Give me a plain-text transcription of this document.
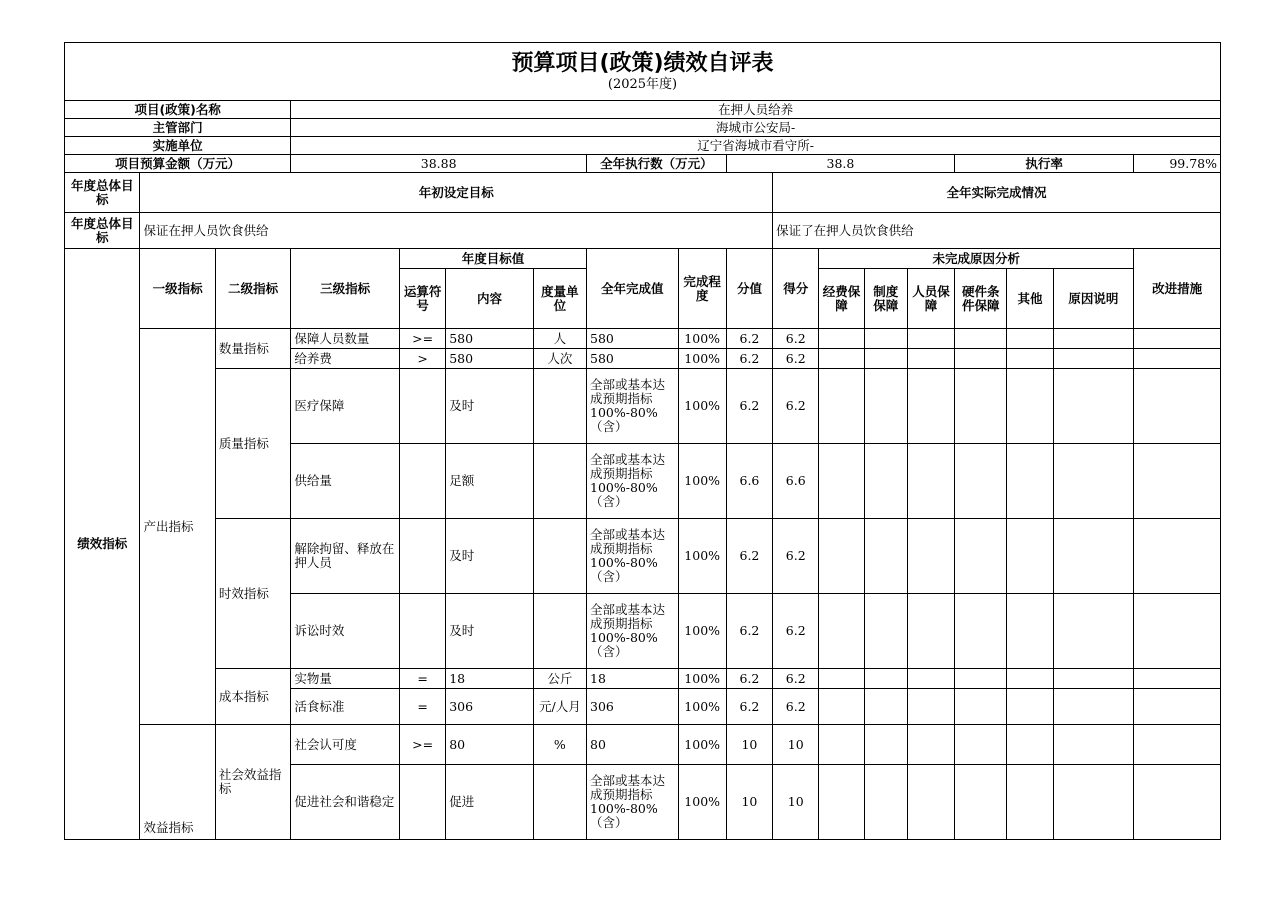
预算项目(政策)绩效自评表
(2025年度)																	

项目(政策)名称			在押人员给养														
主管部门			海城市公安局-														
实施单位			辽宁省海城市看守所-														
项目预算金额（万元）			38.88				全年执行数（万元）		38.8					执行率			99.78%
年度总体目标	年初设定目标									全年实际完成情况							
年度总体目标	保证在押人员饮食供给									保证了在押人员饮食供给							
绩效指标	一级指标	二级指标	三级指标	年度目标值			全年完成值	完成程度	分值	得分	未完成原因分析						改进措施
				运算符号	内容	度量单位					经费保障	制度保障	人员保障	硬件条件保障	其他	原因说明	
	产出指标	数量指标	保障人员数量	>=	580	人	580	100%	6.2	6.2							
			给养费	>	580	人次	580	100%	6.2	6.2							
		质量指标	医疗保障		及时		全部或基本达成预期指标100%-80%（含）	100%	6.2	6.2							
			供给量		足额		全部或基本达成预期指标100%-80%（含）	100%	6.6	6.6							
		时效指标	解除拘留、释放在押人员		及时		全部或基本达成预期指标100%-80%（含）	100%	6.2	6.2							
			诉讼时效		及时		全部或基本达成预期指标100%-80%（含）	100%	6.2	6.2							
		成本指标	实物量	=	18	公斤	18	100%	6.2	6.2							
			活食标准	=	306	元/人月	306	100%	6.2	6.2							
	效益指标	社会效益指标	社会认可度	>=	80	%	80	100%	10	10							
			促进社会和谐稳定		促进		全部或基本达成预期指标100%-80%（含）	100%	10	10							
